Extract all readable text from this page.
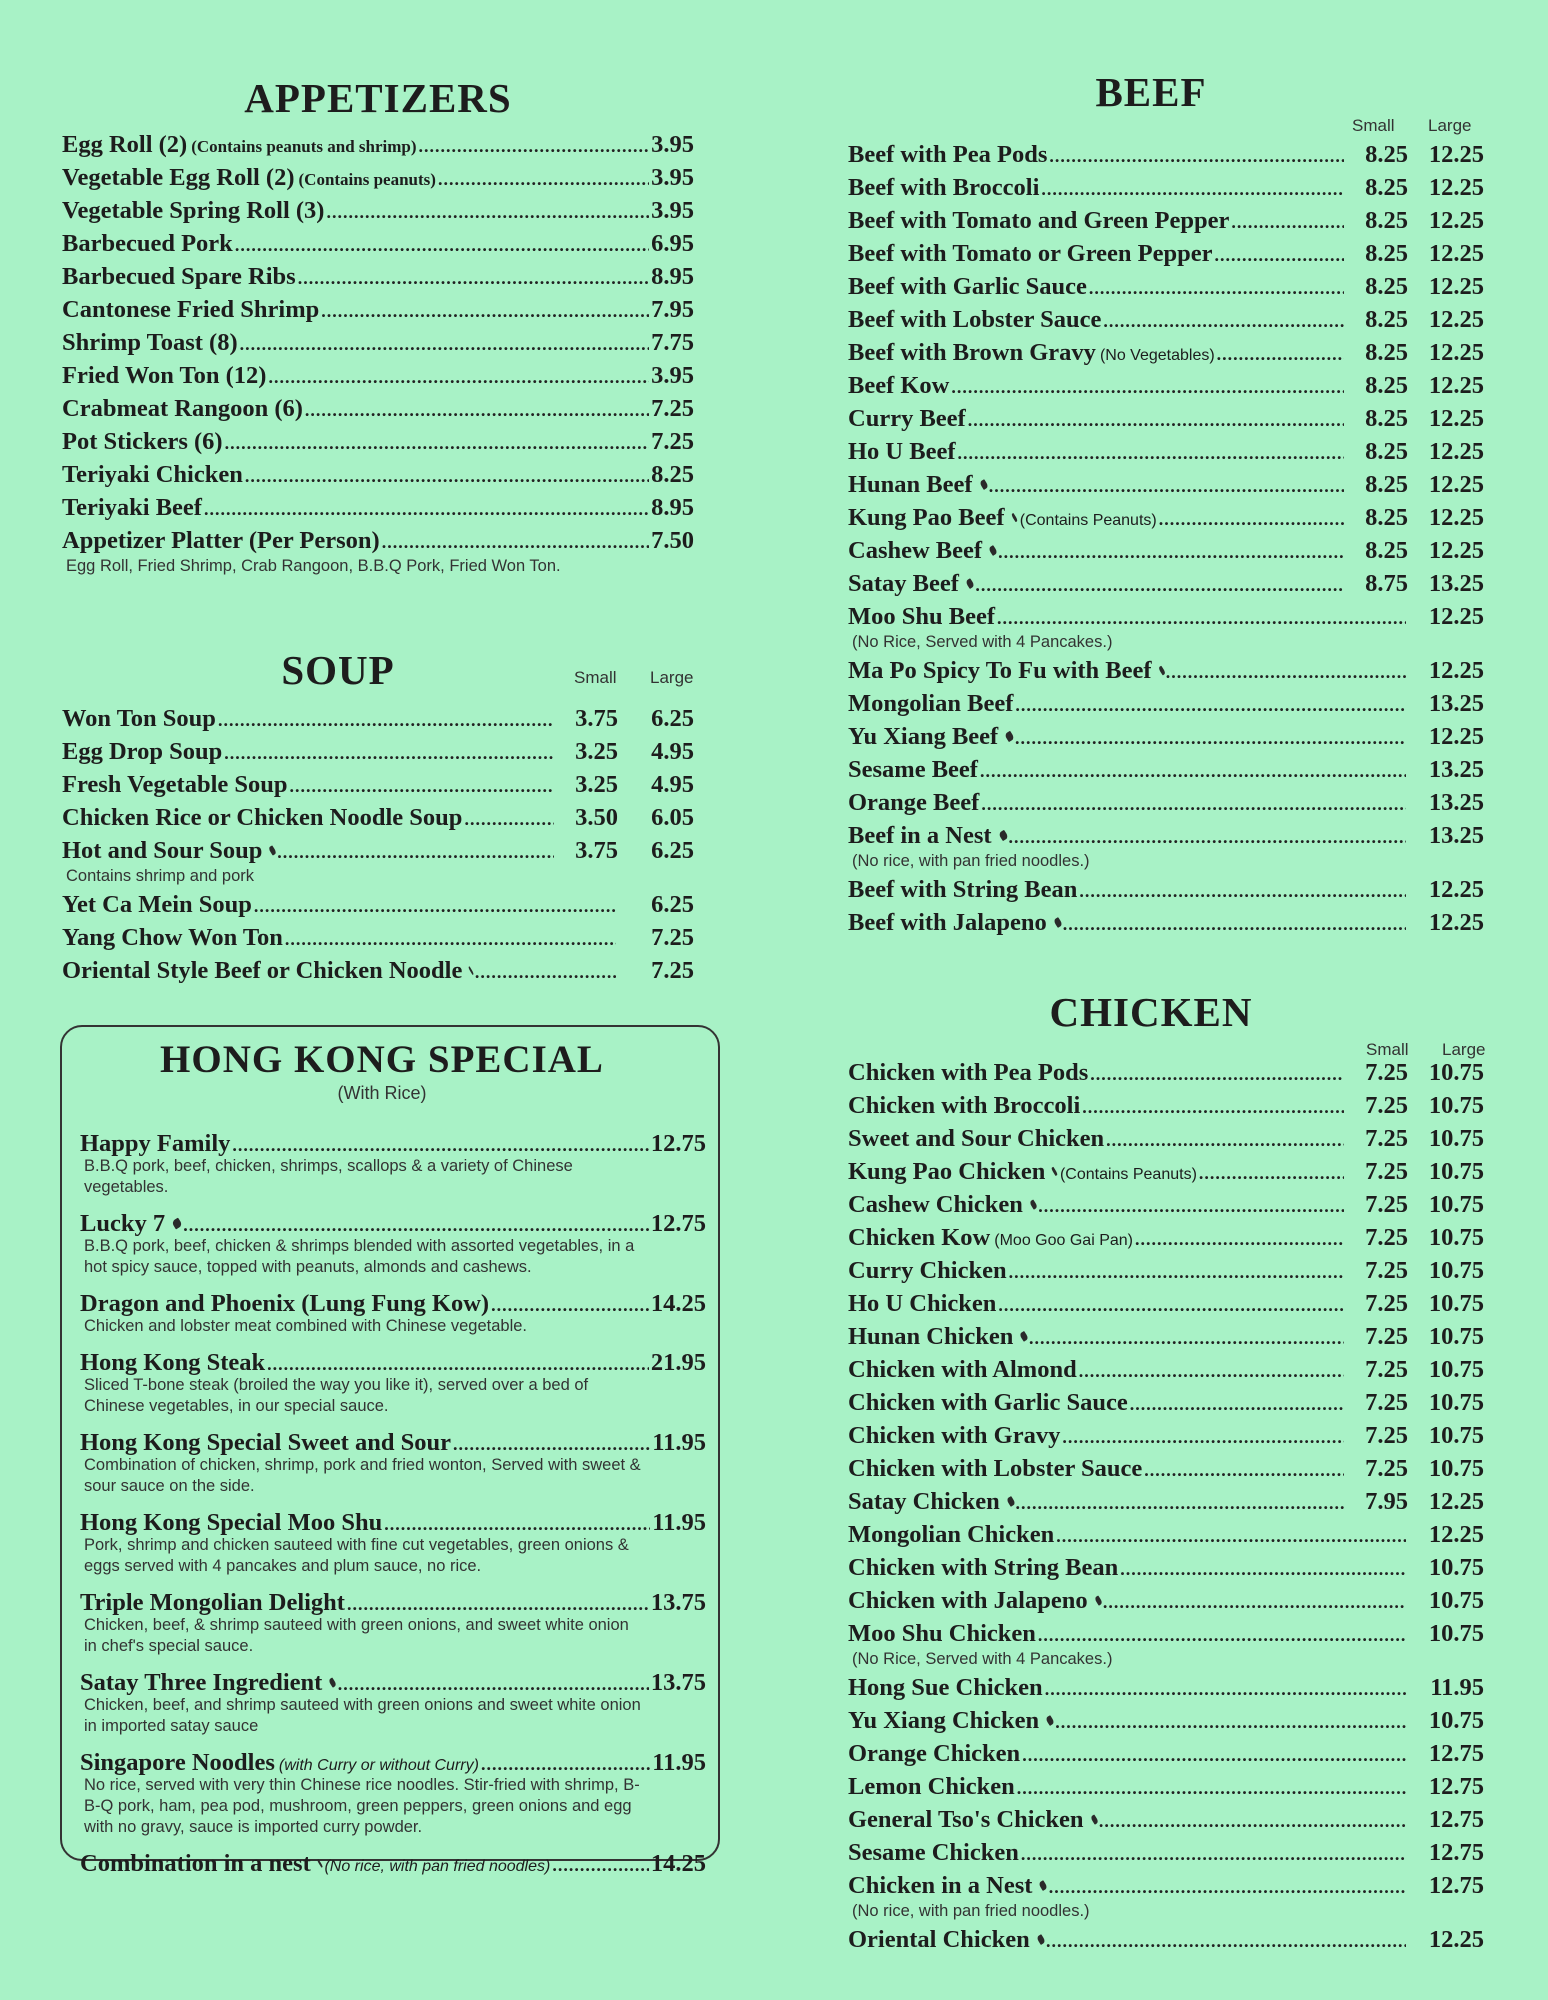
APPETIZERS
Egg Roll (2) (Contains peanuts and shrimp) .....	3.95
Vegetable Egg Roll (2) (Contains peanuts) .....	3.95
Vegetable Spring Roll (3) .....	3.95
Barbecued Pork .....	6.95
Barbecued Spare Ribs .....	8.95
Cantonese Fried Shrimp .....	7.95
Shrimp Toast (8) .....	7.75
Fried Won Ton (12) .....	3.95
Crabmeat Rangoon (6) .....	7.25
Pot Stickers (6) .....	7.25
Teriyaki Chicken .....	8.25
Teriyaki Beef .....	8.95
Appetizer Platter (Per Person) .....	7.50
Egg Roll, Fried Shrimp, Crab Rangoon, B.B.Q Pork, Fried Won Ton.
SOUP	Small Large
Won Ton Soup .....	3.75	6.25
Egg Drop Soup .....	3.25	4.95
Fresh Vegetable Soup .....	3.25	4.95
Chicken Rice or Chicken Noodle Soup .....	3.50	6.05
Hot and Sour Soup .....	3.75	6.25
Contains shrimp and pork
Yet Ca Mein Soup .....	6.25
Yang Chow Won Ton .....	7.25
Oriental Style Beef or Chicken Noodle .....	7.25
HONG KONG SPECIAL
(With Rice)
Happy Family .....	12.75
B.B.Q pork, beef, chicken, shrimps, scallops & a variety of Chinese vegetables.
Lucky 7 .....	12.75
B.B.Q pork, beef, chicken & shrimps blended with assorted vegetables, in a hot spicy sauce, topped with peanuts, almonds and cashews.
Dragon and Phoenix (Lung Fung Kow) .....	14.25
Chicken and lobster meat combined with Chinese vegetable.
Hong Kong Steak .....	21.95
Sliced T-bone steak (broiled the way you like it), served over a bed of Chinese vegetables, in our special sauce.
Hong Kong Special Sweet and Sour .....	11.95
Combination of chicken, shrimp, pork and fried wonton, Served with sweet & sour sauce on the side.
Hong Kong Special Moo Shu .....	11.95
Pork, shrimp and chicken sauteed with fine cut vegetables, green onions & eggs served with 4 pancakes and plum sauce, no rice.
Triple Mongolian Delight .....	13.75
Chicken, beef, & shrimp sauteed with green onions, and sweet white onion in chef's special sauce.
Satay Three Ingredient .....	13.75
Chicken, beef, and shrimp sauteed with green onions and sweet white onion in imported satay sauce
Singapore Noodles (with Curry or without Curry) .....	11.95
No rice, served with very thin Chinese rice noodles. Stir-fried with shrimp, B-B-Q pork, ham, pea pod, mushroom, green peppers, green onions and egg with no gravy, sauce is imported curry powder.
Combination in a nest (No rice, with pan fried noodles) .....	14.25
BEEF
Small Large
Beef with Pea Pods .....	8.25 12.25
Beef with Broccoli .....	8.25 12.25
Beef with Tomato and Green Pepper .....	8.25 12.25
Beef with Tomato or Green Pepper .....	8.25 12.25
Beef with Garlic Sauce .....	8.25 12.25
Beef with Lobster Sauce .....	8.25 12.25
Beef with Brown Gravy (No Vegetables) .....	8.25 12.25
Beef Kow .....	8.25 12.25
Curry Beef .....	8.25 12.25
Ho U Beef .....	8.25 12.25
Hunan Beef .....	8.25 12.25
Kung Pao Beef (Contains Peanuts) .....	8.25 12.25
Cashew Beef .....	8.25 12.25
Satay Beef .....	8.75 13.25
Moo Shu Beef .....	12.25
(No Rice, Served with 4 Pancakes.)
Ma Po Spicy To Fu with Beef .....	12.25
Mongolian Beef .....	13.25
Yu Xiang Beef .....	12.25
Sesame Beef .....	13.25
Orange Beef .....	13.25
Beef in a Nest .....	13.25
(No rice, with pan fried noodles.)
Beef with String Bean .....	12.25
Beef with Jalapeno .....	12.25
CHICKEN
Small Large
Chicken with Pea Pods .....	7.25 10.75
Chicken with Broccoli .....	7.25 10.75
Sweet and Sour Chicken .....	7.25 10.75
Kung Pao Chicken (Contains Peanuts) .....	7.25 10.75
Cashew Chicken .....	7.25 10.75
Chicken Kow (Moo Goo Gai Pan) .....	7.25 10.75
Curry Chicken .....	7.25 10.75
Ho U Chicken .....	7.25 10.75
Hunan Chicken .....	7.25 10.75
Chicken with Almond .....	7.25 10.75
Chicken with Garlic Sauce .....	7.25 10.75
Chicken with Gravy .....	7.25 10.75
Chicken with Lobster Sauce .....	7.25 10.75
Satay Chicken .....	7.95 12.25
Mongolian Chicken .....	12.25
Chicken with String Bean .....	10.75
Chicken with Jalapeno .....	10.75
Moo Shu Chicken .....	10.75
(No Rice, Served with 4 Pancakes.)
Hong Sue Chicken .....	11.95
Yu Xiang Chicken .....	10.75
Orange Chicken .....	12.75
Lemon Chicken .....	12.75
General Tso's Chicken .....	12.75
Sesame Chicken .....	12.75
Chicken in a Nest .....	12.75
(No rice, with pan fried noodles.)
Oriental Chicken .....	12.25
